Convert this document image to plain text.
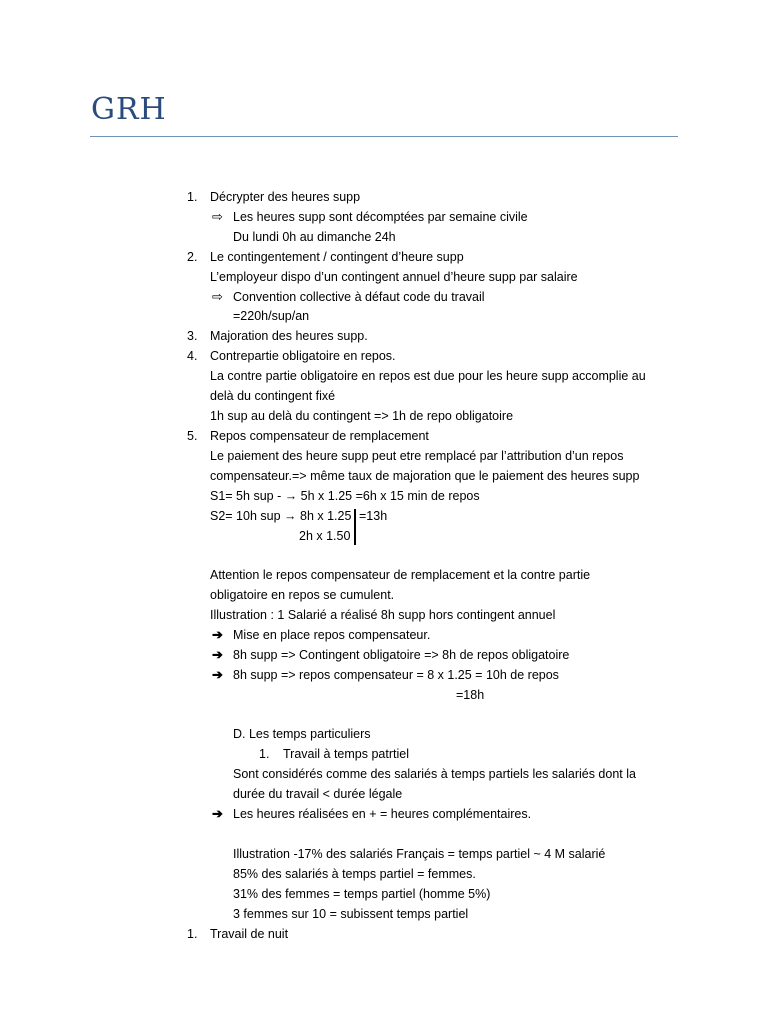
GRH
1. Décrypter des heures supp
⇨ Les heures supp sont décomptées par semaine civile
Du lundi 0h au dimanche 24h
2. Le contingentement / contingent d’heure supp
L’employeur dispo d’un contingent annuel d’heure supp par salaire
⇨ Convention collective à défaut code du travail
=220h/sup/an
3. Majoration des heures supp.
4. Contrepartie obligatoire en repos.
La contre partie obligatoire en repos est due pour les heure supp accomplie au
delà du contingent fixé
1h sup au delà du contingent => 1h de repo obligatoire
5. Repos compensateur de remplacement
Le paiement des heure supp peut etre remplacé par l’attribution d’un repos
compensateur.=> même taux de majoration que le paiement des heures supp
S1= 5h sup - → 5h x 1.25 =6h x 15 min de repos
S2= 10h sup → 8h x 1.25 =13h
2h x 1.50
Attention le repos compensateur de remplacement et la contre partie
obligatoire en repos se cumulent.
Illustration : 1 Salarié a réalisé 8h supp hors contingent annuel
➔ Mise en place repos compensateur.
➔ 8h supp => Contingent obligatoire => 8h de repos obligatoire
➔ 8h supp => repos compensateur = 8 x 1.25 = 10h de repos
=18h
D. Les temps particuliers
1. Travail à temps patrtiel
Sont considérés comme des salariés à temps partiels les salariés dont la
durée du travail < durée légale
➔ Les heures réalisées en + = heures complémentaires.
Illustration -17% des salariés Français = temps partiel ~ 4 M salarié
85% des salariés à temps partiel = femmes.
31% des femmes = temps partiel (homme 5%)
3 femmes sur 10 = subissent temps partiel
1. Travail de nuit
